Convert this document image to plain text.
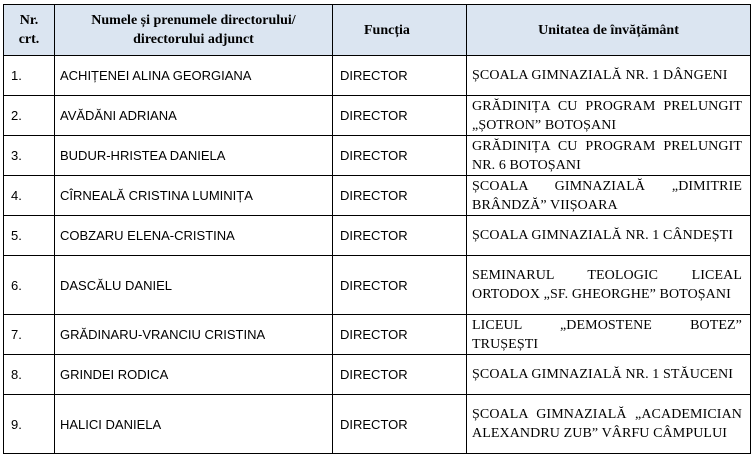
Nr. crt.	Numele și prenumele directorului/ directorului adjunct	Funcția	Unitatea de învățământ
1.	ACHIȚENEI ALINA GEORGIANA	DIRECTOR	ȘCOALA GIMNAZIALĂ NR. 1 DÂNGENI
2.	AVĂDĂNI ADRIANA	DIRECTOR	GRĂDINIȚA CU PROGRAM PRELUNGIT „ȘOTRON” BOTOȘANI
3.	BUDUR-HRISTEA DANIELA	DIRECTOR	GRĂDINIȚA CU PROGRAM PRELUNGIT NR. 6 BOTOȘANI
4.	CÎRNEALĂ CRISTINA LUMINIȚA	DIRECTOR	ȘCOALA GIMNAZIALĂ „DIMITRIE BRÂNDZĂ” VIIȘOARA
5.	COBZARU ELENA-CRISTINA	DIRECTOR	ȘCOALA GIMNAZIALĂ NR. 1 CÂNDEȘTI
6.	DASCĂLU DANIEL	DIRECTOR	SEMINARUL TEOLOGIC LICEAL ORTODOX „SF. GHEORGHE” BOTOȘANI
7.	GRĂDINARU-VRANCIU CRISTINA	DIRECTOR	LICEUL „DEMOSTENE BOTEZ” TRUȘEȘTI
8.	GRINDEI RODICA	DIRECTOR	ȘCOALA GIMNAZIALĂ NR. 1 STĂUCENI
9.	HALICI DANIELA	DIRECTOR	ȘCOALA GIMNAZIALĂ „ACADEMICIAN ALEXANDRU ZUB” VÂRFU CÂMPULUI
